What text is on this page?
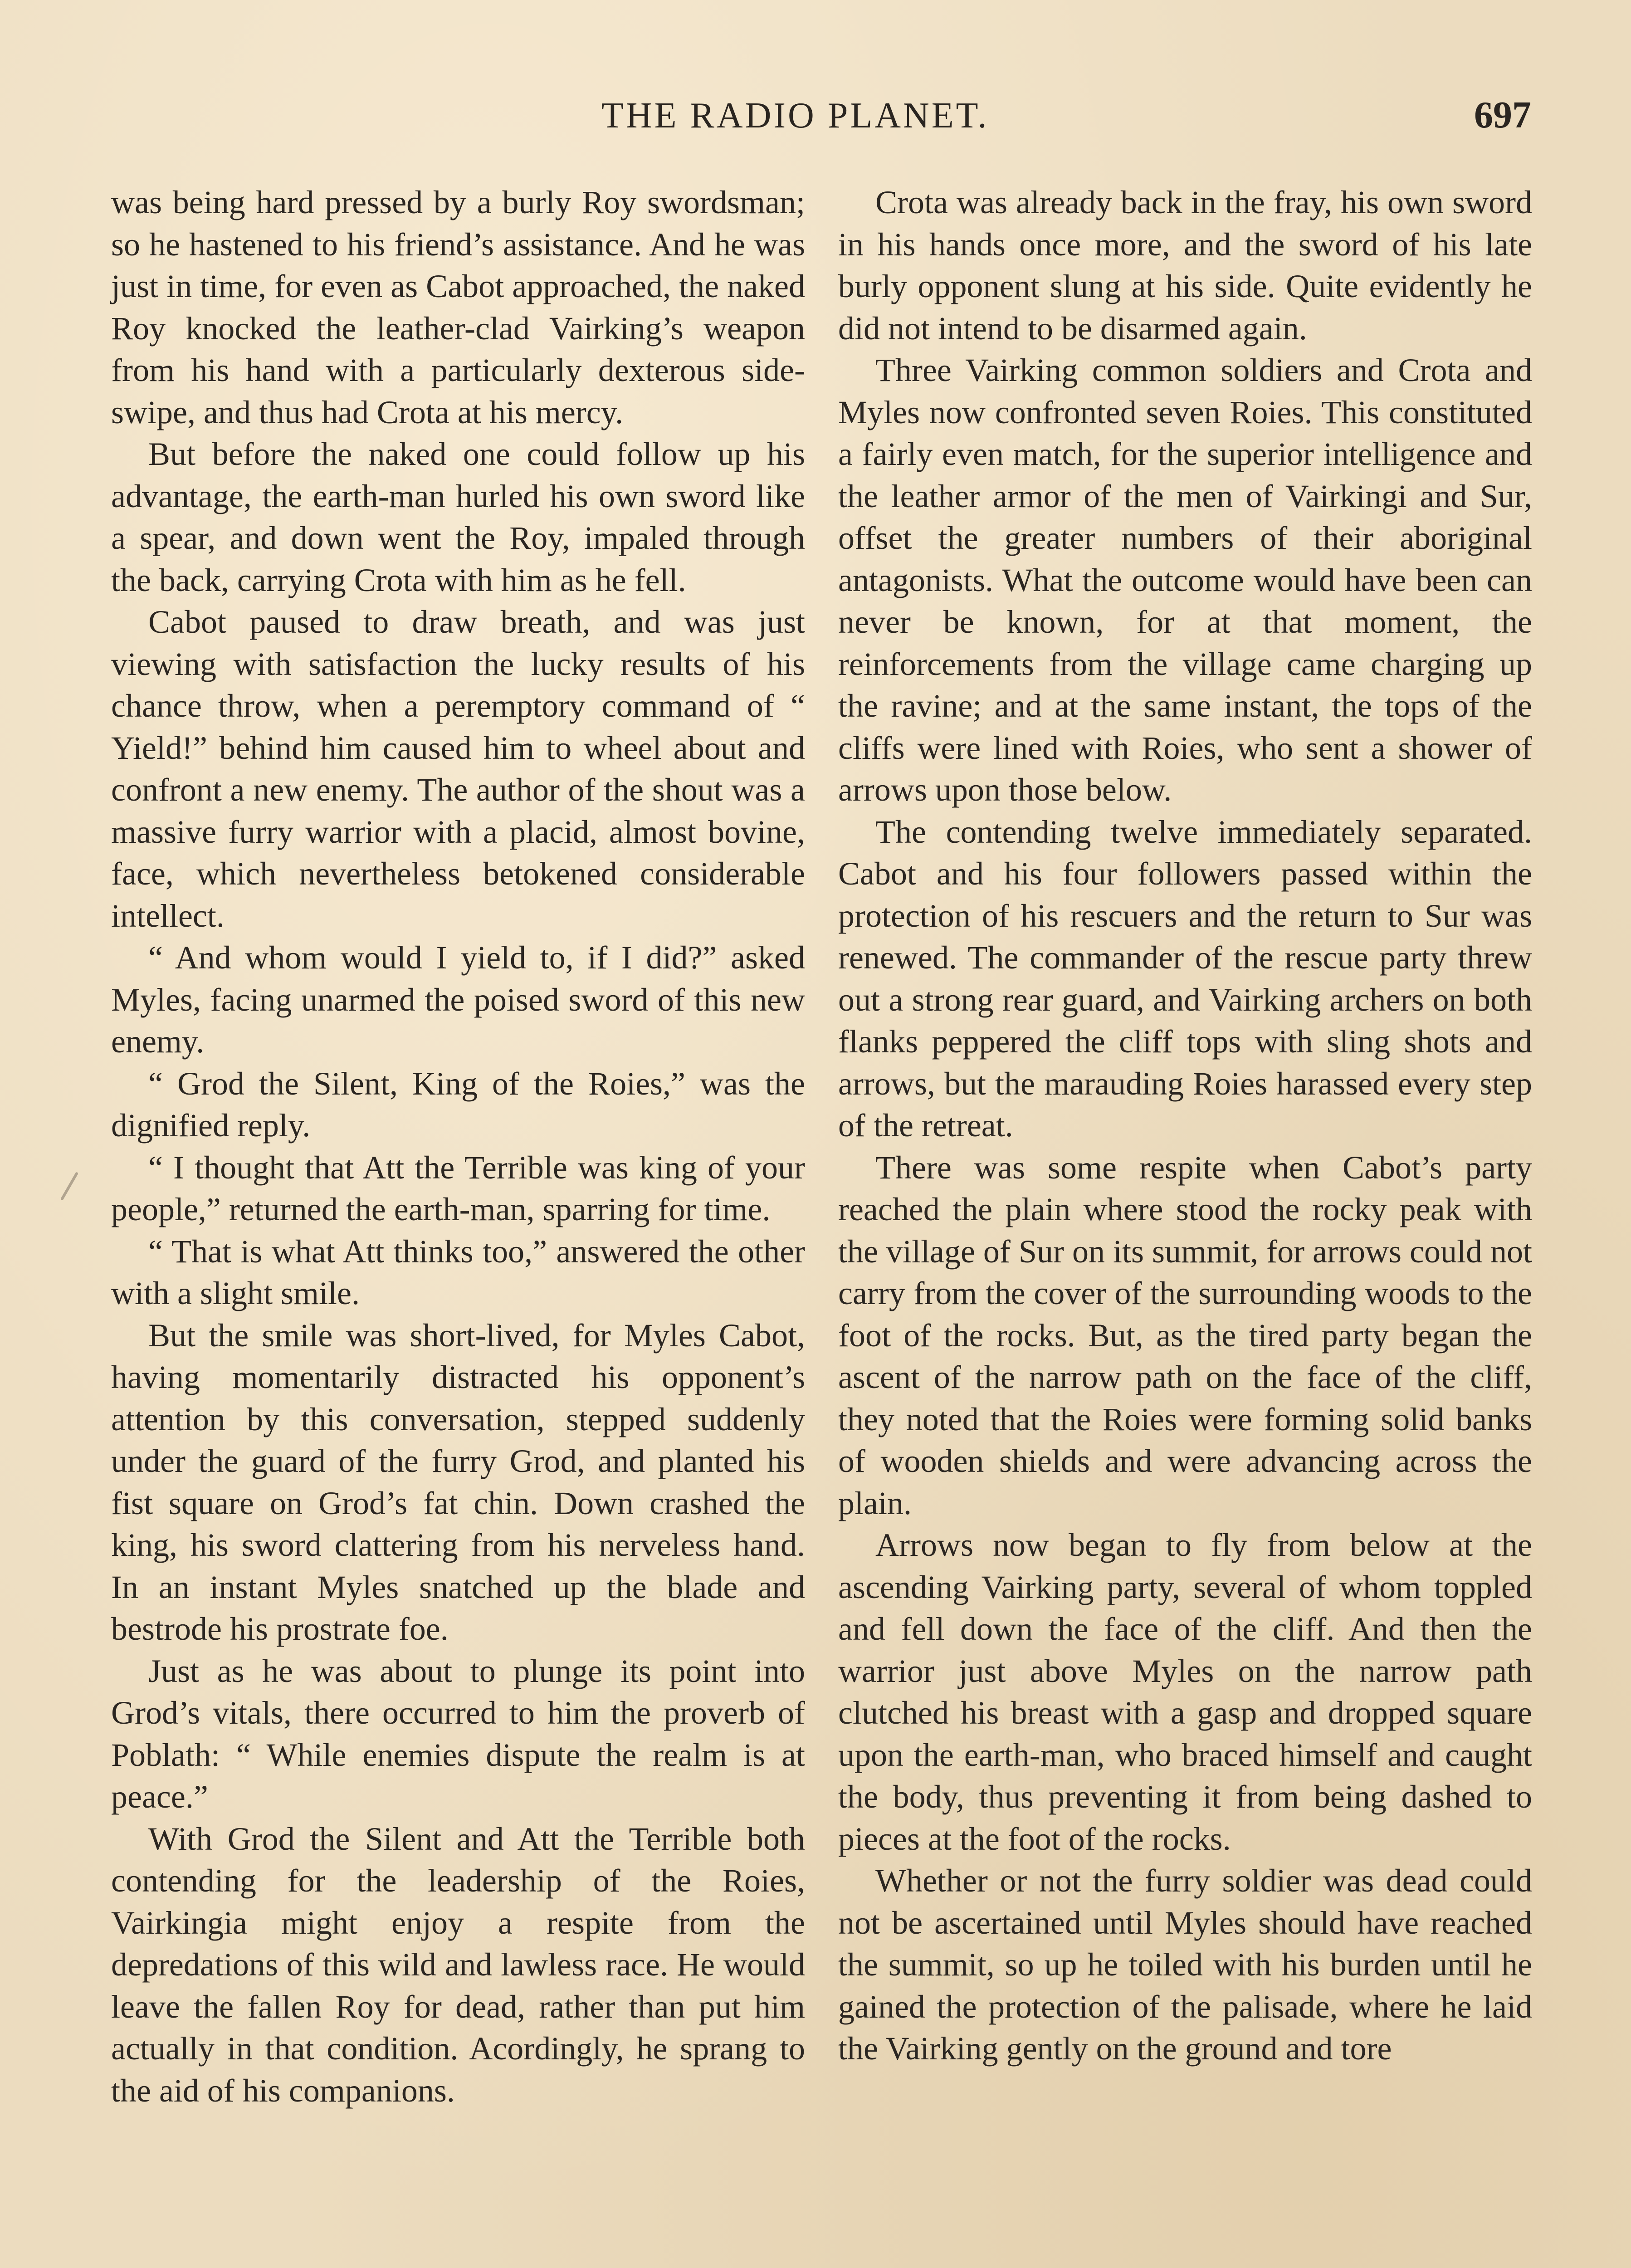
THE RADIO PLANET.	697

was being hard pressed by a burly Roy swordsman; so he hastened to his friend’s assistance. And he was just in time, for even as Cabot approached, the naked Roy knocked the leather-clad Vairking’s weapon from his hand with a particularly dexterous side-swipe, and thus had Crota at his mercy.

But before the naked one could follow up his advantage, the earth-man hurled his own sword like a spear, and down went the Roy, impaled through the back, carrying Crota with him as he fell.

Cabot paused to draw breath, and was just viewing with satisfaction the lucky results of his chance throw, when a peremptory command of “ Yield!” behind him caused him to wheel about and confront a new enemy. The author of the shout was a massive furry warrior with a placid, almost bovine, face, which nevertheless betokened considerable intellect.

“ And whom would I yield to, if I did?” asked Myles, facing unarmed the poised sword of this new enemy.

“ Grod the Silent, King of the Roies,” was the dignified reply.

“ I thought that Att the Terrible was king of your people,” returned the earth-man, sparring for time.

“ That is what Att thinks too,” answered the other with a slight smile.

But the smile was short-lived, for Myles Cabot, having momentarily distracted his opponent’s attention by this conversation, stepped suddenly under the guard of the furry Grod, and planted his fist square on Grod’s fat chin. Down crashed the king, his sword clattering from his nerveless hand. In an instant Myles snatched up the blade and bestrode his prostrate foe.

Just as he was about to plunge its point into Grod’s vitals, there occurred to him the proverb of Poblath: “ While enemies dispute the realm is at peace.”

With Grod the Silent and Att the Terrible both contending for the leadership of the Roies, Vairkingia might enjoy a respite from the depredations of this wild and lawless race. He would leave the fallen Roy for dead, rather than put him actually in that condition. Acordingly, he sprang to the aid of his companions.

Crota was already back in the fray, his own sword in his hands once more, and the sword of his late burly opponent slung at his side. Quite evidently he did not intend to be disarmed again.

Three Vairking common soldiers and Crota and Myles now confronted seven Roies. This constituted a fairly even match, for the superior intelligence and the leather armor of the men of Vairkingi and Sur, offset the greater numbers of their aboriginal antagonists. What the outcome would have been can never be known, for at that moment, the reinforcements from the village came charging up the ravine; and at the same instant, the tops of the cliffs were lined with Roies, who sent a shower of arrows upon those below.

The contending twelve immediately separated. Cabot and his four followers passed within the protection of his rescuers and the return to Sur was renewed. The commander of the rescue party threw out a strong rear guard, and Vairking archers on both flanks peppered the cliff tops with sling shots and arrows, but the marauding Roies harassed every step of the retreat.

There was some respite when Cabot’s party reached the plain where stood the rocky peak with the village of Sur on its summit, for arrows could not carry from the cover of the surrounding woods to the foot of the rocks. But, as the tired party began the ascent of the narrow path on the face of the cliff, they noted that the Roies were forming solid banks of wooden shields and were advancing across the plain.

Arrows now began to fly from below at the ascending Vairking party, several of whom toppled and fell down the face of the cliff. And then the warrior just above Myles on the narrow path clutched his breast with a gasp and dropped square upon the earth-man, who braced himself and caught the body, thus preventing it from being dashed to pieces at the foot of the rocks.

Whether or not the furry soldier was dead could not be ascertained until Myles should have reached the summit, so up he toiled with his burden until he gained the protection of the palisade, where he laid the Vairking gently on the ground and tore
